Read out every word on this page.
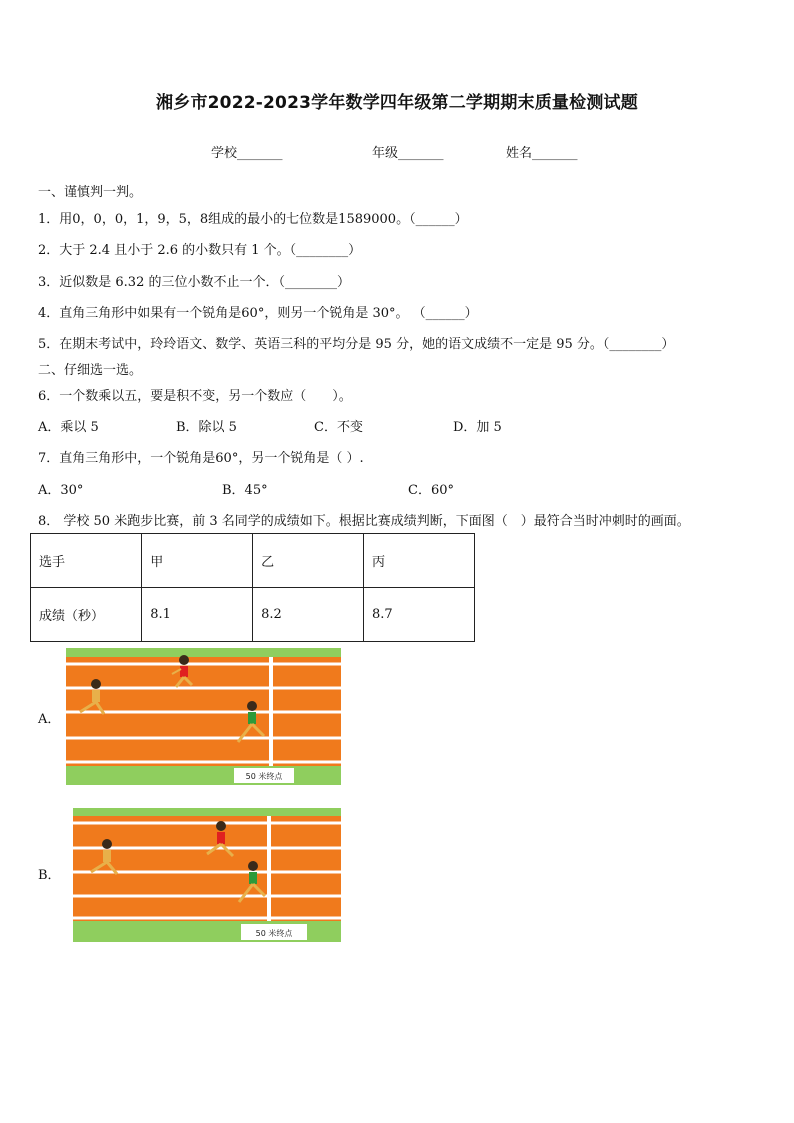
湘乡市2022-2023学年数学四年级第二学期期末质量检测试题
学校_______	年级_______	姓名_______
一、谨慎判一判。
1．用0，0，0，1，9，5，8组成的最小的七位数是1589000。（______）
2．大于 2.4 且小于 2.6 的小数只有 1 个。（________）
3．近似数是 6.32 的三位小数不止一个．（________）
4．直角三角形中如果有一个锐角是60°，则另一个锐角是 30°。 （______）
5．在期末考试中，玲玲语文、数学、英语三科的平均分是 95 分，她的语文成绩不一定是 95 分。（________）
二、仔细选一选。
6．一个数乘以五，要是积不变，另一个数应（　　）。
A．乘以 5	B．除以 5	C．不变	D．加 5
7．直角三角形中，一个锐角是60°，另一个锐角是（ ）.
A．30°	B．45°	C．60°
8． 学校 50 米跑步比赛，前 3 名同学的成绩如下。根据比赛成绩判断，下面图（　）最符合当时冲刺时的画面。
选手	甲	乙	丙
成绩（秒）	8.1	8.2	8.7
A．
B．
50 米终点
50 米终点
